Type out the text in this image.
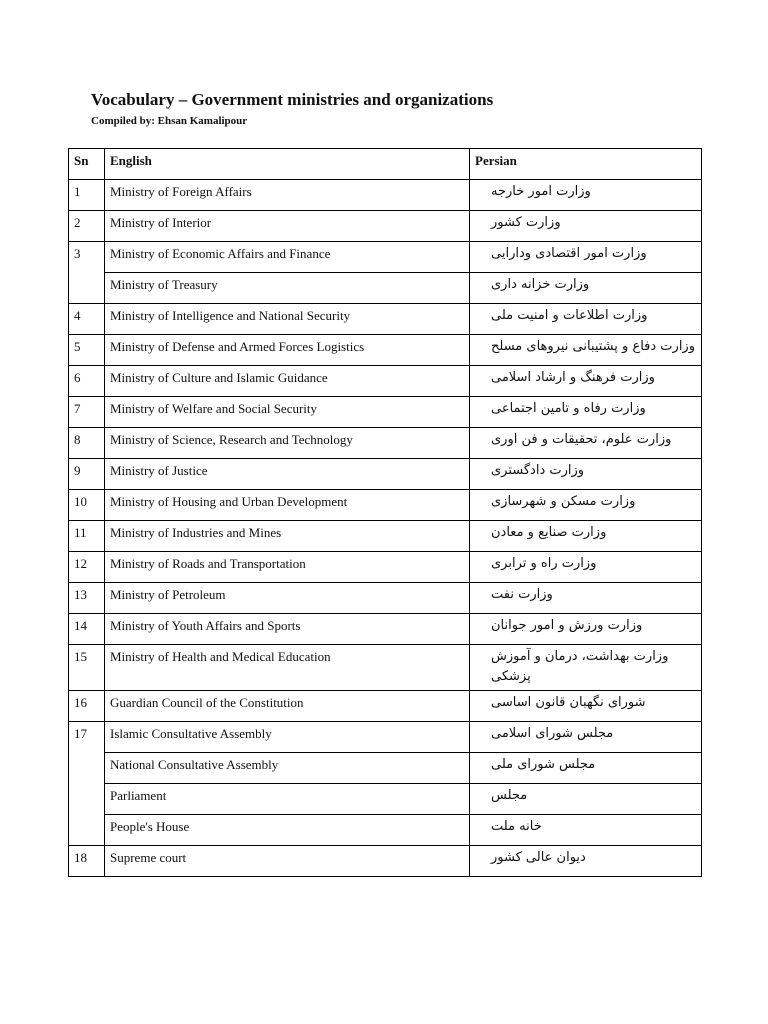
Vocabulary – Government ministries and organizations
Compiled by: Ehsan Kamalipour
Sn	English	Persian
1	Ministry of Foreign Affairs	وزارت امور خارجه

2	Ministry of Interior	وزارت کشور

3	Ministry of Economic Affairs and Finance	وزارت امور اقتصادی ودارایی

	Ministry of Treasury	وزارت خزانه داری

4	Ministry of Intelligence and National Security	وزارت اطلاعات و امنیت ملی

5	Ministry of Defense and Armed Forces Logistics	وزارت دفاع و پشتیبانی نیروهای مسلح

6	Ministry of Culture and Islamic Guidance	وزارت فرهنگ و ارشاد اسلامی

7	Ministry of Welfare and Social Security	وزارت رفاه و تامین اجتماعی

8	Ministry of Science, Research and Technology	وزارت علوم، تحقیقات و فن اوری

9	Ministry of Justice	وزارت دادگستری

10	Ministry of Housing and Urban Development	وزارت مسکن و شهرسازی

11	Ministry of Industries and Mines	وزارت صنایع و معادن

12	Ministry of Roads and Transportation	وزارت راه و ترابری

13	Ministry of Petroleum	وزارت نفت

14	Ministry of Youth Affairs and Sports	وزارت ورزش و امور جوانان

15	Ministry of Health and Medical Education	وزارت بهداشت، درمان و آموزش پزشکی

16	Guardian Council of the Constitution	شورای نگهبان قانون اساسی

17	Islamic Consultative Assembly	مجلس شورای اسلامی

	National Consultative Assembly	مجلس شورای ملی

	Parliament	مجلس

	People's House	خانه ملت

18	Supreme court	دیوان عالی کشور
